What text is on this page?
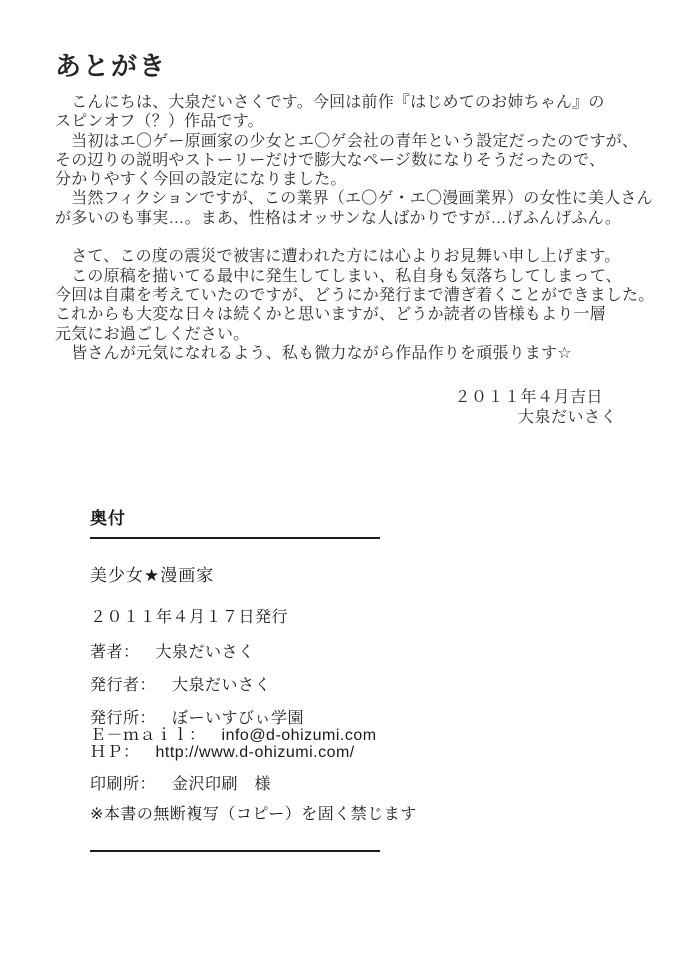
あとがき
　こんにちは、大泉だいさくです。今回は前作『はじめてのお姉ちゃん』の
スピンオフ（？）作品です。
　当初はエ〇ゲー原画家の少女とエ〇ゲ会社の青年という設定だったのですが、
その辺りの説明やストーリーだけで膨大なページ数になりそうだったので、
分かりやすく今回の設定になりました。
　当然フィクションですが、この業界（エ〇ゲ・エ〇漫画業界）の女性に美人さん
が多いのも事実…。まあ、性格はオッサンな人ばかりですが…げふんげふん。
　さて、この度の震災で被害に遭われた方には心よりお見舞い申し上げます。
　この原稿を描いてる最中に発生してしまい、私自身も気落ちしてしまって、
今回は自粛を考えていたのですが、どうにか発行まで漕ぎ着くことができました。
これからも大変な日々は続くかと思いますが、どうか読者の皆様もより一層
元気にお過ごしください。
　皆さんが元気になれるよう、私も微力ながら作品作りを頑張ります☆
２０１１年４月吉日
大泉だいさく
奥付
美少女★漫画家
２０１１年４月１７日発行
著者： 大泉だいさく
発行者： 大泉だいさく
発行所： ぼーいすびぃ学園
Ｅ－ｍａｉｌ： info@d-ohizumi.com
ＨＰ： http://www.d-ohizumi.com/
印刷所： 金沢印刷　様
※本書の無断複写（コピー）を固く禁じます
